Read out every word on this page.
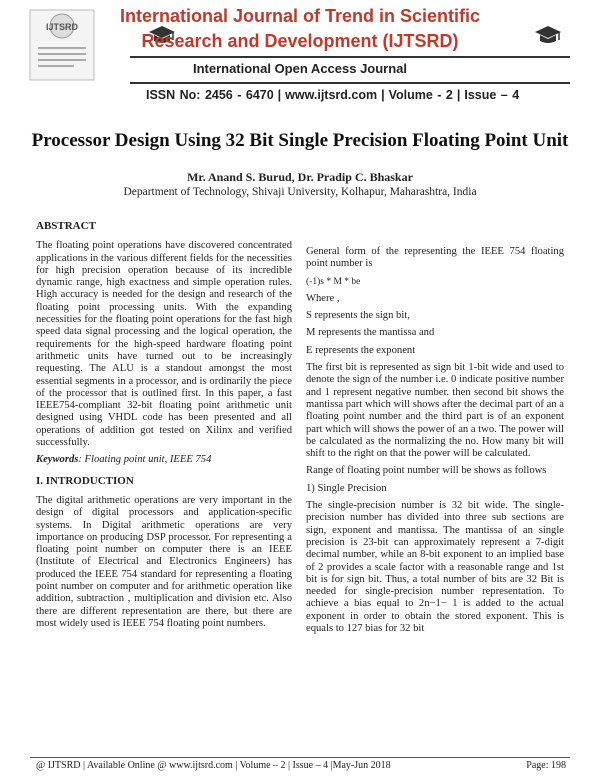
IJTSRD
International Journal of Trend in Scientific
Research and Development (IJTSRD)
International Open Access Journal
ISSN No: 2456 - 6470 | www.ijtsrd.com | Volume - 2 | Issue – 4
Processor Design Using 32 Bit Single Precision Floating Point Unit
Mr. Anand S. Burud, Dr. Pradip C. Bhaskar
Department of Technology, Shivaji University, Kolhapur, Maharashtra, India
ABSTRACT

The floating point operations have discovered concentrated applications in the various different fields for the necessities for high precision operation because of its incredible dynamic range, high exactness and simple operation rules. High accuracy is needed for the design and research of the floating point processing units. With the expanding necessities for the floating point operations for the fast high speed data signal processing and the logical operation, the requirements for the high-speed hardware floating point arithmetic units have turned out to be increasingly requesting. The ALU is a standout amongst the most essential segments in a processor, and is ordinarily the piece of the processor that is outlined first. In this paper, a fast IEEE754-compliant 32-bit floating point arithmetic unit designed using VHDL code has been presented and all operations of addition got tested on Xilinx and verified successfully.

Keywords: Floating point unit, IEEE 754
I. INTRODUCTION

The digital arithmetic operations are very important in the design of digital processors and application-specific systems. In Digital arithmetic operations are very importance on producing DSP processor. For representing a floating point number on computer there is an IEEE (Institute of Electrical and Electronics Engineers) has produced the IEEE 754 standard for representing a floating point number on computer and for arithmetic operation like addition, subtraction , multiplication and division etc. Also there are different representation are there, but there are most widely used is IEEE 754 floating point numbers.

General form of the representing the IEEE 754 floating point number is

(-1)s * M * be

Where ,

S represents the sign bit,

M represents the mantissa and

E represents the exponent

The first bit is represented as sign bit 1-bit wide and used to denote the sign of the number i.e. 0 indicate positive number and 1 represent negative number. then second bit shows the mantissa part which will shows after the decimal part of an a floating point number and the third part is of an exponent part which will shows the power of an a two. The power will be calculated as the normalizing the no. How many bit will shift to the right on that the power will be calculated.

Range of floating point number will be shows as follows

1) Single Precision

The single-precision number is 32 bit wide. The single-precision number has divided into three sub sections are sign, exponent and mantissa. The mantissa of an single precision is 23-bit can approximately represent a 7-digit decimal number, while an 8-bit exponent to an implied base of 2 provides a scale factor with a reasonable range and 1st bit is for sign bit. Thus, a total number of bits are 32 Bit is needed for single-precision number representation. To achieve a bias equal to 2n−1− 1 is added to the actual exponent in order to obtain the stored exponent. This is equals to 127 bias for 32 bit

@ IJTSRD | Available Online @ www.ijtsrd.com | Volume – 2 | Issue – 4 |May-Jun 2018	Page: 198
